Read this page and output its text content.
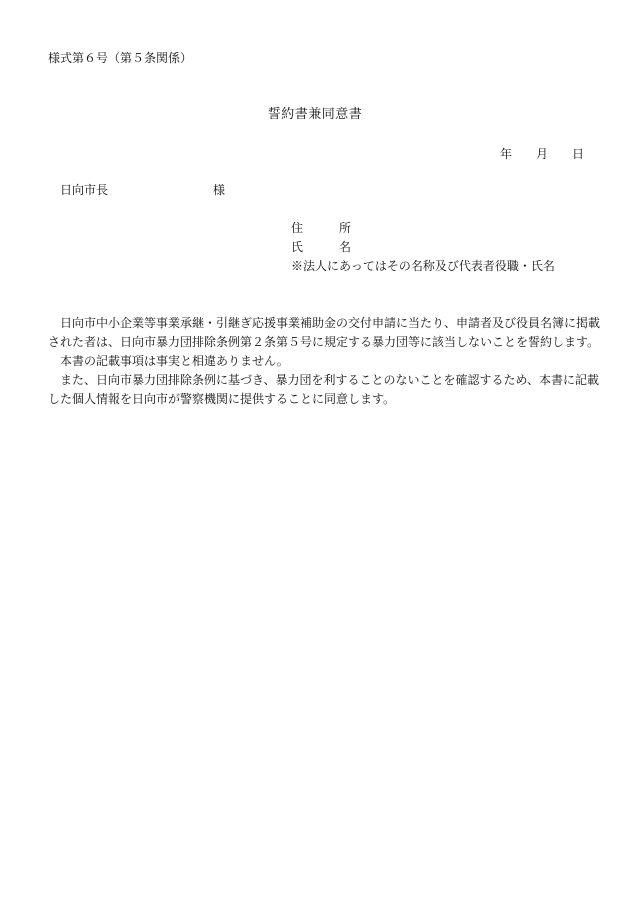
様式第６号（第５条関係）
誓約書兼同意書
年 月 日
日向市長	様
住	所
氏	名
※法人にあってはその名称及び代表者役職・氏名
日向市中小企業等事業承継・引継ぎ応援事業補助金の交付申請に当たり、申請者及び役員名簿に掲載
された者は、日向市暴力団排除条例第２条第５号に規定する暴力団等に該当しないことを誓約します。
本書の記載事項は事実と相違ありません。
また、日向市暴力団排除条例に基づき、暴力団を利することのないことを確認するため、本書に記載
した個人情報を日向市が警察機関に提供することに同意します。
